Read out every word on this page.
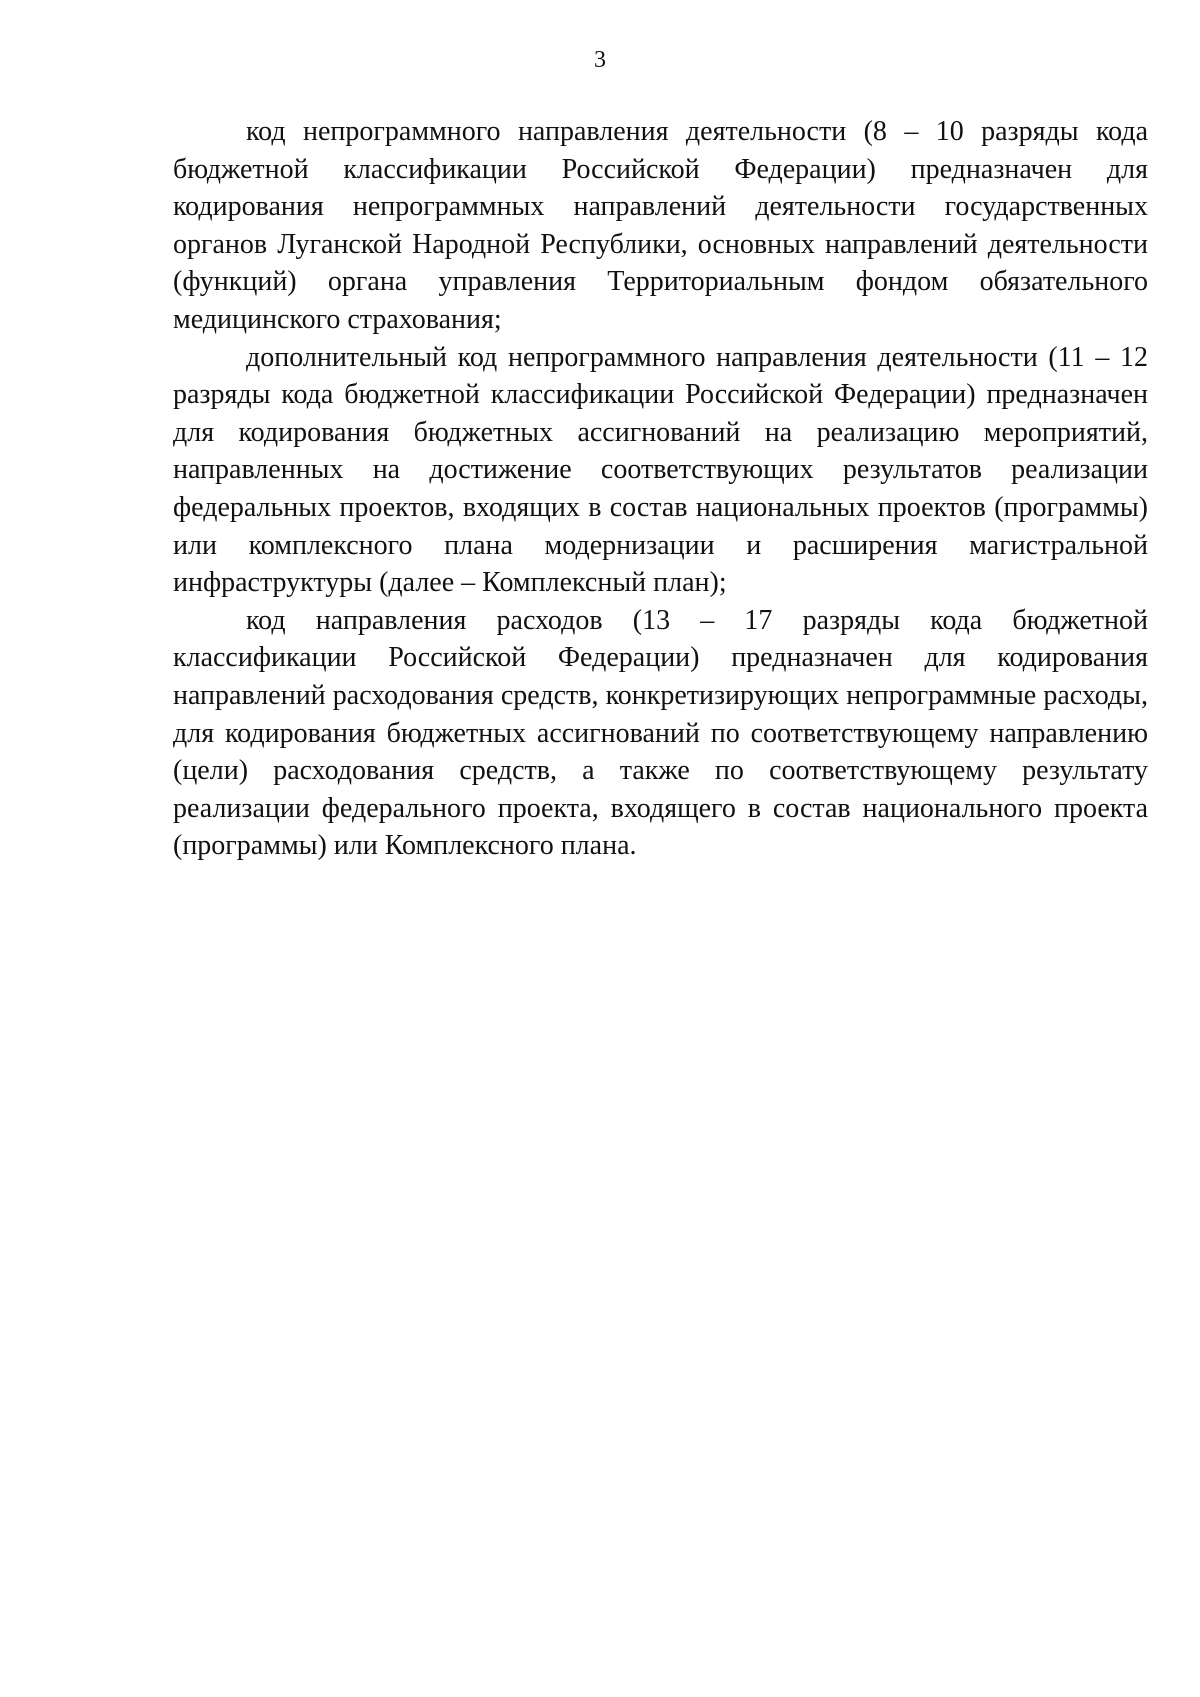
3

код непрограммного направления деятельности (8 – 10 разряды кода бюджетной классификации Российской Федерации) предназначен для кодирования непрограммных направлений деятельности государственных органов Луганской Народной Республики, основных направлений деятельности (функций) органа управления Территориальным фондом обязательного медицинского страхования;

дополнительный код непрограммного направления деятельности (11 – 12 разряды кода бюджетной классификации Российской Федерации) предназначен для кодирования бюджетных ассигнований на реализацию мероприятий, направленных на достижение соответствующих результатов реализации федеральных проектов, входящих в состав национальных проектов (программы) или комплексного плана модернизации и расширения магистральной инфраструктуры (далее – Комплексный план);

код направления расходов (13 – 17 разряды кода бюджетной классификации Российской Федерации) предназначен для кодирования направлений расходования средств, конкретизирующих непрограммные расходы, для кодирования бюджетных ассигнований по соответствующему направлению (цели) расходования средств, а также по соответствующему результату реализации федерального проекта, входящего в состав национального проекта (программы) или Комплексного плана.
